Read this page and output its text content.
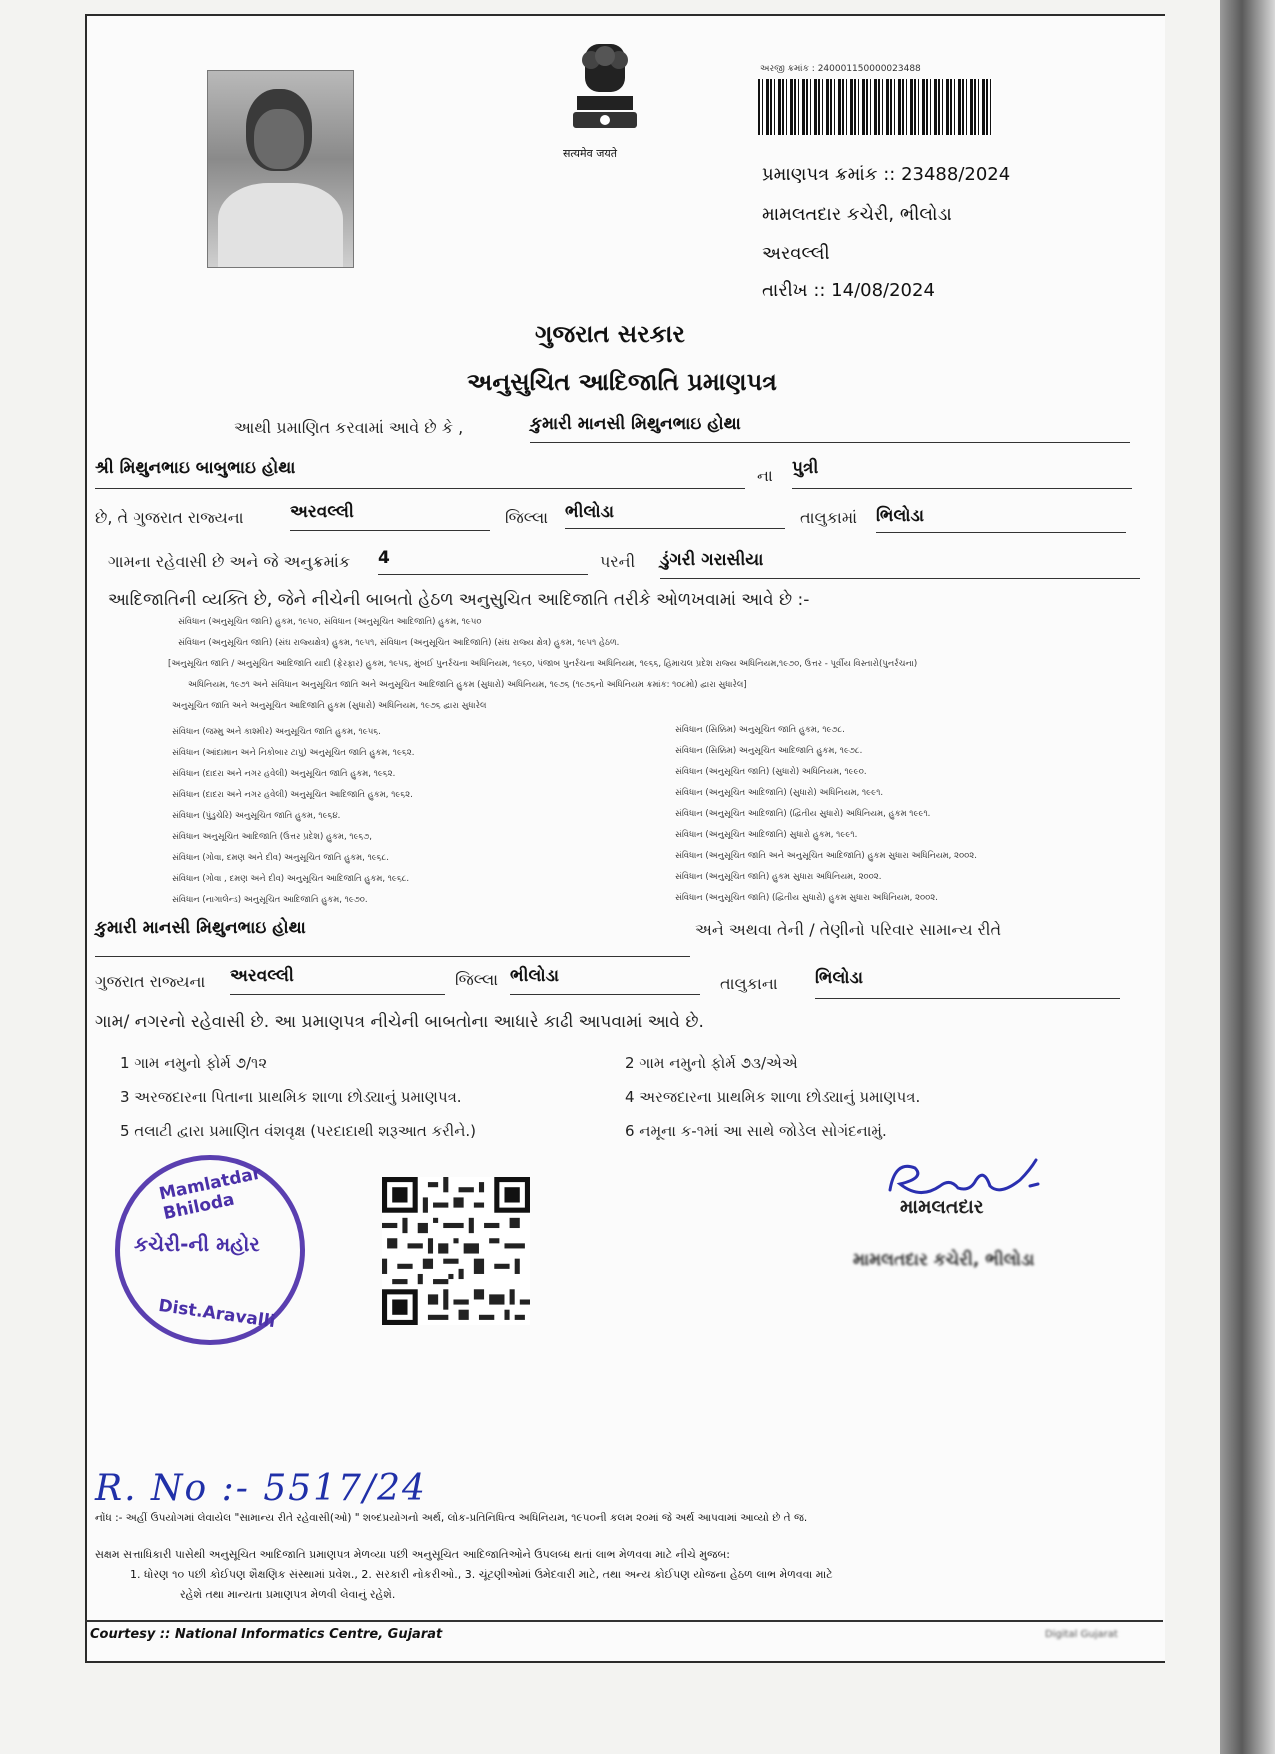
सत्यमेव जयते
અરજી ક્રમાંક : 240001150000023488
પ્રમાણપત્ર ક્રમાંક :: 23488/2024
મામલતદાર કચેરી, ભીલોડા
અરવલ્લી
તારીખ :: 14/08/2024
ગુજરાત સરકાર
અનુસુચિત આદિજાતિ પ્રમાણપત્ર
આથી પ્રમાણિત કરવામાં આવે છે કે ,	કુમારી માનસી મિથુનભાઇ હોથા
શ્રી મિથુનભાઇ બાબુભાઇ હોથા	ના પુત્રી
છે, તે ગુજરાત રાજ્યના	અરવલ્લી	જિલ્લા ભીલોડા	તાલુકામાં ભિલોડા
ગામના રહેવાસી છે અને જે અનુક્રમાંક 4	પરની ડુંગરી ગરાસીયા
આદિજાતિની વ્યક્તિ છે, જેને નીચેની બાબતો હેઠળ અનુસુચિત આદિજાતિ તરીકે ઓળખવામાં આવે છે :-
સંવિધાન (અનુસૂચિત જાતિ) હુકમ, ૧૯૫૦, સંવિધાન (અનુસૂચિત આદિજાતિ) હુકમ, ૧૯૫૦
સંવિધાન (અનુસૂચિત જાતિ) (સંઘ રાજ્યક્ષેત્ર) હુકમ, ૧૯૫૧, સંવિધાન (અનુસૂચિત આદિજાતિ) (સંઘ રાજ્ય ક્ષેત્ર) હુકમ, ૧૯૫૧ હેઠળ.
[અનુસૂચિત જાતિ / અનુસૂચિત આદિજાતિ યાદી (ફેરફાર) હુકમ, ૧૯૫૬, મુંબઈ પુનર્રચના અધિનિયમ, ૧૯૬૦, પંજાબ પુનર્રચના અધિનિયમ, ૧૯૬૬, હિમાચલ પ્રદેશ રાજ્ય અધિનિયમ,૧૯૭૦, ઉત્તર - પૂર્વીય વિસ્તારો(પુનર્રચના)
અધિનિયમ, ૧૯૭૧ અને સંવિધાન અનુસૂચિત જાતિ અને અનુસૂચિત આદિજાતિ હુકમ (સુધારો) અધિનિયમ, ૧૯૭૬ (૧૯૭૬નો અધિનિયમ ક્રમાંક: ૧૦૮મો) દ્વારા સુધારેલ]
અનુસૂચિત જાતિ અને અનુસૂચિત આદિજાતિ હુકમ (સુધારો) અધિનિયમ, ૧૯૭૬ દ્વારા સુધારેલ
સંવિધાન (જમ્મુ અને કાશ્મીર) અનુસૂચિત જાતિ હુકમ, ૧૯૫૬.
સંવિધાન (આંદામાન અને નિકોબાર ટાપુ) અનુસૂચિત જાતિ હુકમ, ૧૯૬૨.
સંવિધાન (દાદરા અને નગર હવેલી) અનુસૂચિત જાતિ હુકમ, ૧૯૬૨.
સંવિધાન (દાદરા અને નગર હવેલી) અનુસૂચિત આદિજાતિ હુકમ, ૧૯૬૨.
સંવિધાન (પુંડુચેરિ) અનુસૂચિત જાતિ હુકમ, ૧૯૬૪.
સંવિધાન અનુસૂચિત આદિજાતિ (ઉત્તર પ્રદેશ) હુકમ, ૧૯૬૭,
સંવિધાન (ગોવા, દમણ અને દીવ) અનુસૂચિત જાતિ હુકમ, ૧૯૬૮.
સંવિધાન (ગોવા , દમણ અને દીવ) અનુસૂચિત આદિજાતિ હુકમ, ૧૯૬૮.
સંવિધાન (નાગાલેન્ડ) અનુસૂચિત આદિજાતિ હુકમ, ૧૯૭૦.
સંવિધાન (સિક્કિમ) અનુસૂચિત જાતિ હુકમ, ૧૯૭૮.
સંવિધાન (સિક્કિમ) અનુસૂચિત આદિજાતિ હુકમ, ૧૯૭૮.
સંવિધાન (અનુસૂચિત જાતિ) (સુધારો) અધિનિયમ, ૧૯૯૦.
સંવિધાન (અનુસૂચિત આદિજાતિ) (સુધારો) અધિનિયમ, ૧૯૯૧.
સંવિધાન (અનુસૂચિત આદિજાતિ) (દ્વિતીય સુધારો) અધિનિયમ, હુકમ ૧૯૯૧.
સંવિધાન (અનુસૂચિત આદિજાતિ) સુધારો હુકમ, ૧૯૯૧.
સંવિધાન (અનુસૂચિત જાતિ અને અનુસૂચિત આદિજાતિ) હુકમ સુધારા અધિનિયમ, ૨૦૦૨.
સંવિધાન (અનુસૂચિત જાતિ) હુકમ સુધારા અધિનિયમ, ૨૦૦૨.
સંવિધાન (અનુસૂચિત જાતિ) (દ્વિતીય સુધારો) હુકમ સુધારા અધિનિયમ, ૨૦૦૨.
કુમારી માનસી મિથુનભાઇ હોથા	અને અથવા તેની / તેણીનો પરિવાર સામાન્ય રીતે
ગુજરાત રાજ્યના અરવલ્લી	જિલ્લા ભીલોડા	તાલુકાના ભિલોડા
ગામ/ નગરનો રહેવાસી છે. આ પ્રમાણપત્ર નીચેની બાબતોના આધારે કાઢી આપવામાં આવે છે.
1 ગામ નમુનો ફોર્મ ૭/૧૨	2 ગામ નમુનો ફોર્મ ૭૩/એએ
3 અરજદારના પિતાના પ્રાથમિક શાળા છોડ્યાનું પ્રમાણપત્ર.	4 અરજદારના પ્રાથમિક શાળા છોડ્યાનું પ્રમાણપત્ર.
5 તલાટી દ્વારા પ્રમાણિત વંશવૃક્ષ (પરદાદાથી શરૂઆત કરીને.)	6 નમૂના ક-૧માં આ સાથે જોડેલ સોગંદનામું.
Mamlatdar Bhiloda
કચેરી-ની મહોર
Dist.Aravalli
મામલતદાર
મામલતદાર કચેરી, ભીલોડા
R. No :- 5517/24
નોંધ :- અહીં ઉપયોગમાં લેવાયેલ "સામાન્ય રીતે રહેવાસી(ઓ) " શબ્દપ્રયોગનો અર્થ, લોક-પ્રતિનિધિત્વ અધિનિયમ, ૧૯૫૦ની કલમ ૨૦માં જે અર્થ આપવામાં આવ્યો છે તે જ.
સક્ષમ સત્તાધિકારી પાસેથી અનુસૂચિત આદિજાતિ પ્રમાણપત્ર મેળવ્યા પછી અનુસૂચિત આદિજાતિઓને ઉપલબ્ધ થતાં લાભ મેળવવા માટે નીચે મુજબ:
1. ધોરણ ૧૦ પછી કોઈપણ શૈક્ષણિક સંસ્થામાં પ્રવેશ., 2. સરકારી નોકરીઓ., 3. ચૂંટણીઓમાં ઉમેદવારી માટે, તથા અન્ય કોઈપણ યોજના હેઠળ લાભ મેળવવા માટે
રહેશે તથા માન્યતા પ્રમાણપત્ર મેળવી લેવાનું રહેશે.
Courtesy :: National Informatics Centre, Gujarat	Digital Gujarat
